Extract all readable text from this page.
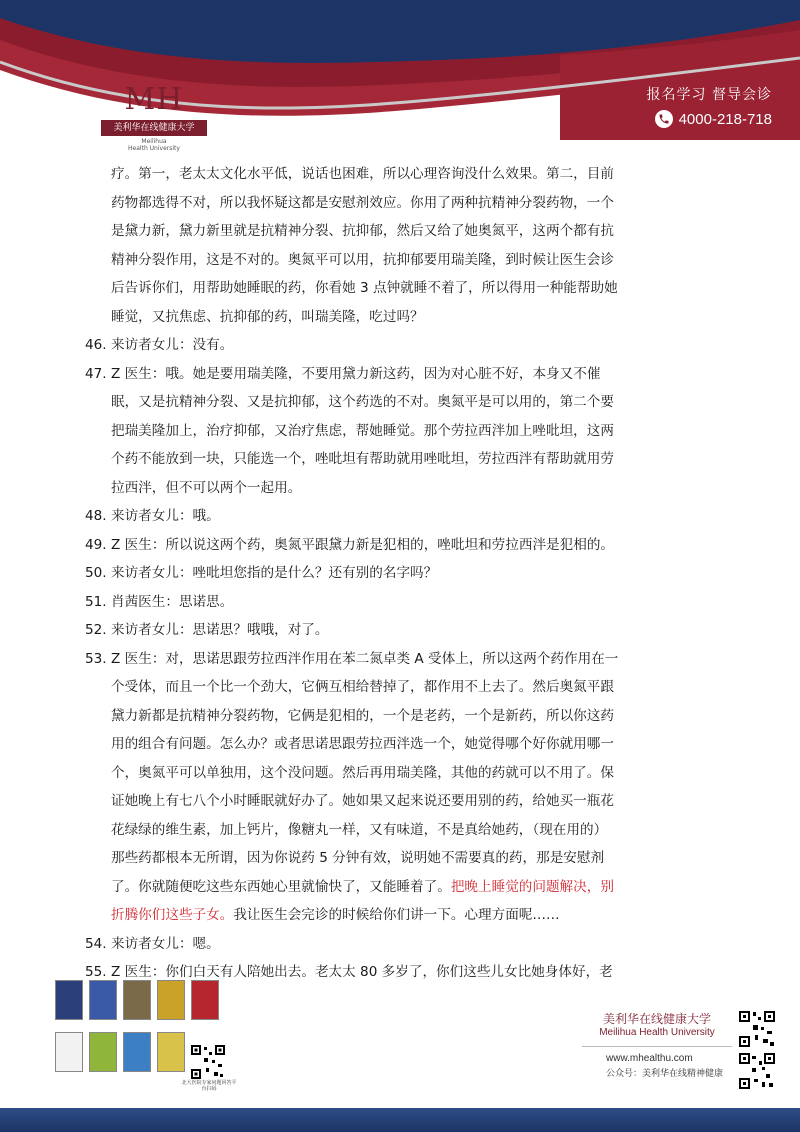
MH
美利华在线健康大学
Meilihua
Health University
报名学习 督导会诊
4000-218-718
疗。第一，老太太文化水平低，说话也困难，所以心理咨询没什么效果。第二，目前
药物都选得不对，所以我怀疑这都是安慰剂效应。你用了两种抗精神分裂药物，一个
是黛力新，黛力新里就是抗精神分裂、抗抑郁，然后又给了她奥氮平，这两个都有抗
精神分裂作用，这是不对的。奥氮平可以用，抗抑郁要用瑞美隆，到时候让医生会诊
后告诉你们，用帮助她睡眠的药，你看她 3 点钟就睡不着了，所以得用一种能帮助她
睡觉，又抗焦虑、抗抑郁的药，叫瑞美隆，吃过吗？
46. 来访者女儿：没有。
47. Z 医生：哦。她是要用瑞美隆，不要用黛力新这药，因为对心脏不好，本身又不催
眠，又是抗精神分裂、又是抗抑郁，这个药选的不对。奥氮平是可以用的，第二个要
把瑞美隆加上，治疗抑郁，又治疗焦虑，帮她睡觉。那个劳拉西泮加上唑吡坦，这两
个药不能放到一块，只能选一个，唑吡坦有帮助就用唑吡坦，劳拉西泮有帮助就用劳
拉西泮，但不可以两个一起用。
48. 来访者女儿：哦。
49. Z 医生：所以说这两个药，奥氮平跟黛力新是犯相的，唑吡坦和劳拉西泮是犯相的。
50. 来访者女儿：唑吡坦您指的是什么？还有别的名字吗？
51. 肖茜医生：思诺思。
52. 来访者女儿：思诺思？哦哦，对了。
53. Z 医生：对，思诺思跟劳拉西泮作用在苯二氮卓类 A 受体上，所以这两个药作用在一
个受体，而且一个比一个劲大，它俩互相给替掉了，都作用不上去了。然后奥氮平跟
黛力新都是抗精神分裂药物，它俩是犯相的，一个是老药，一个是新药，所以你这药
用的组合有问题。怎么办？或者思诺思跟劳拉西泮选一个，她觉得哪个好你就用哪一
个，奥氮平可以单独用，这个没问题。然后再用瑞美隆，其他的药就可以不用了。保
证她晚上有七八个小时睡眠就好办了。她如果又起来说还要用别的药，给她买一瓶花
花绿绿的维生素，加上钙片，像糖丸一样，又有味道，不是真给她药，（现在用的）
那些药都根本无所谓，因为你说药 5 分钟有效，说明她不需要真的药，那是安慰剂
了。你就随便吃这些东西她心里就愉快了，又能睡着了。把晚上睡觉的问题解决，别
折腾你们这些子女。我让医生会完诊的时候给你们讲一下。心理方面呢……
54. 来访者女儿：嗯。
55. Z 医生：你们白天有人陪她出去。老太太 80 多岁了，你们这些儿女比她身体好，老
北大医院专家问题回答平台扫码
美利华在线健康大学
Meilihua Health University
www.mhealthu.com
公众号：美利华在线精神健康
